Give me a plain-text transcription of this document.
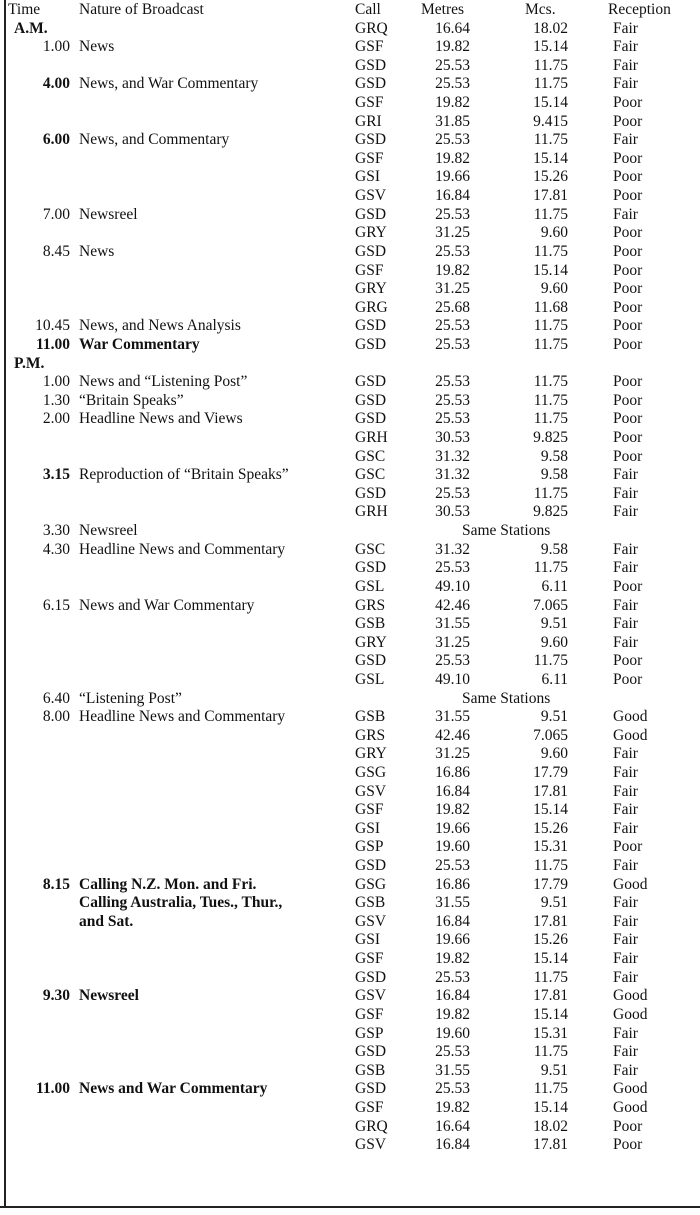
Time	Nature of Broadcast	Call	Metres	Mcs.	Reception
A.M.	GRQ	16.64	18.02	Fair
1.00 News	GSF	19.82	15.14	Fair
GSD	25.53	11.75	Fair
4.00 News, and War Commentary	GSD	25.53	11.75	Fair
GSF	19.82	15.14	Poor
GRI	31.85	9.415	Poor
6.00 News, and Commentary	GSD	25.53	11.75	Fair
GSF	19.82	15.14	Poor
GSI	19.66	15.26	Poor
GSV	16.84	17.81	Poor
7.00 Newsreel	GSD	25.53	11.75	Fair
GRY	31.25	9.60	Poor
8.45 News	GSD	25.53	11.75	Poor
GSF	19.82	15.14	Poor
GRY	31.25	9.60	Poor
GRG	25.68	11.68	Poor
10.45 News, and News Analysis	GSD	25.53	11.75	Poor
11.00 War Commentary	GSD	25.53	11.75	Poor
P.M.
1.00 News and “Listening Post”	GSD	25.53	11.75	Poor
1.30 “Britain Speaks”	GSD	25.53	11.75	Poor
2.00 Headline News and Views	GSD	25.53	11.75	Poor
GRH	30.53	9.825	Poor
GSC	31.32	9.58	Poor
3.15 Reproduction of “Britain Speaks”	GSC	31.32	9.58	Fair
GSD	25.53	11.75	Fair
GRH	30.53	9.825	Fair
3.30 Newsreel	Same Stations
4.30 Headline News and Commentary	GSC	31.32	9.58	Fair
GSD	25.53	11.75	Fair
GSL	49.10	6.11	Poor
6.15 News and War Commentary	GRS	42.46	7.065	Fair
GSB	31.55	9.51	Fair
GRY	31.25	9.60	Fair
GSD	25.53	11.75	Poor
GSL	49.10	6.11	Poor
6.40 “Listening Post”	Same Stations
8.00 Headline News and Commentary	GSB	31.55	9.51	Good
GRS	42.46	7.065	Good
GRY	31.25	9.60	Fair
GSG	16.86	17.79	Fair
GSV	16.84	17.81	Fair
GSF	19.82	15.14	Fair
GSI	19.66	15.26	Fair
GSP	19.60	15.31	Poor
GSD	25.53	11.75	Fair
8.15 Calling N.Z. Mon. and Fri.	GSG	16.86	17.79	Good
Calling Australia, Tues., Thur.,	GSB	31.55	9.51	Fair
and Sat.	GSV	16.84	17.81	Fair
GSI	19.66	15.26	Fair
GSF	19.82	15.14	Fair
GSD	25.53	11.75	Fair
9.30 Newsreel	GSV	16.84	17.81	Good
GSF	19.82	15.14	Good
GSP	19.60	15.31	Fair
GSD	25.53	11.75	Fair
GSB	31.55	9.51	Fair
11.00 News and War Commentary	GSD	25.53	11.75	Good
GSF	19.82	15.14	Good
GRQ	16.64	18.02	Poor
GSV	16.84	17.81	Poor
